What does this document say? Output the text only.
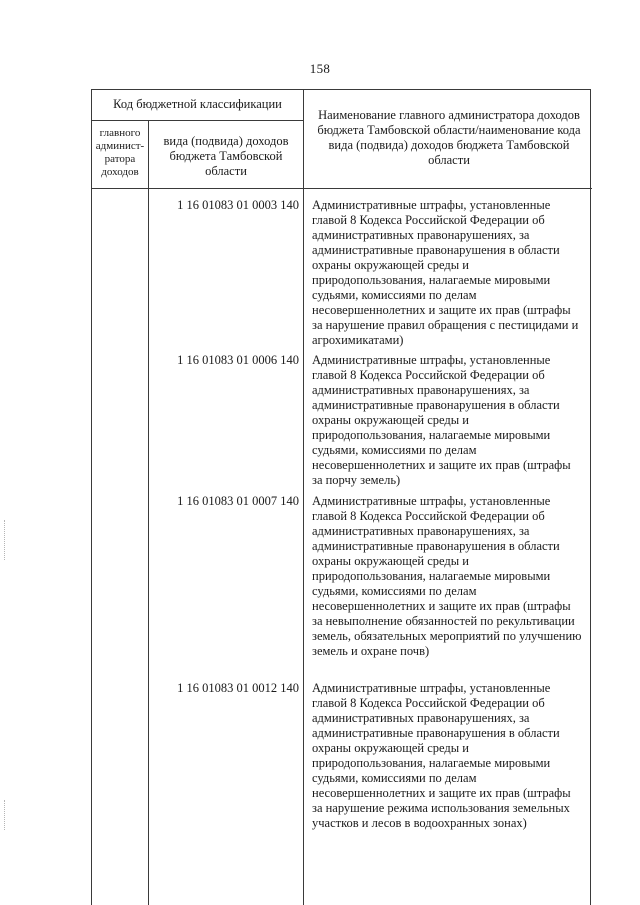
158
Код бюджетной классификации
главного админист-ратора доходов
вида (подвида) доходов бюджета Тамбовской области
Наименование главного администратора доходов бюджета Тамбовской области/наименование кода вида (подвида) доходов бюджета Тамбовской области
1 16 01083 01 0003 140 Административные штрафы, установленные главой 8 Кодекса Российской Федерации об административных правонарушениях, за административные правонарушения в области охраны окружающей среды и природопользования, налагаемые мировыми судьями, комиссиями по делам несовершеннолетних и защите их прав (штрафы за нарушение правил обращения с пестицидами и агрохимикатами)
1 16 01083 01 0006 140 Административные штрафы, установленные главой 8 Кодекса Российской Федерации об административных правонарушениях, за административные правонарушения в области охраны окружающей среды и природопользования, налагаемые мировыми судьями, комиссиями по делам несовершеннолетних и защите их прав (штрафы за порчу земель)
1 16 01083 01 0007 140 Административные штрафы, установленные главой 8 Кодекса Российской Федерации об административных правонарушениях, за административные правонарушения в области охраны окружающей среды и природопользования, налагаемые мировыми судьями, комиссиями по делам несовершеннолетних и защите их прав (штрафы за невыполнение обязанностей по рекультивации земель, обязательных мероприятий по улучшению земель и охране почв)
1 16 01083 01 0012 140 Административные штрафы, установленные главой 8 Кодекса Российской Федерации об административных правонарушениях, за административные правонарушения в области охраны окружающей среды и природопользования, налагаемые мировыми судьями, комиссиями по делам несовершеннолетних и защите их прав (штрафы за нарушение режима использования земельных участков и лесов в водоохранных зонах)
